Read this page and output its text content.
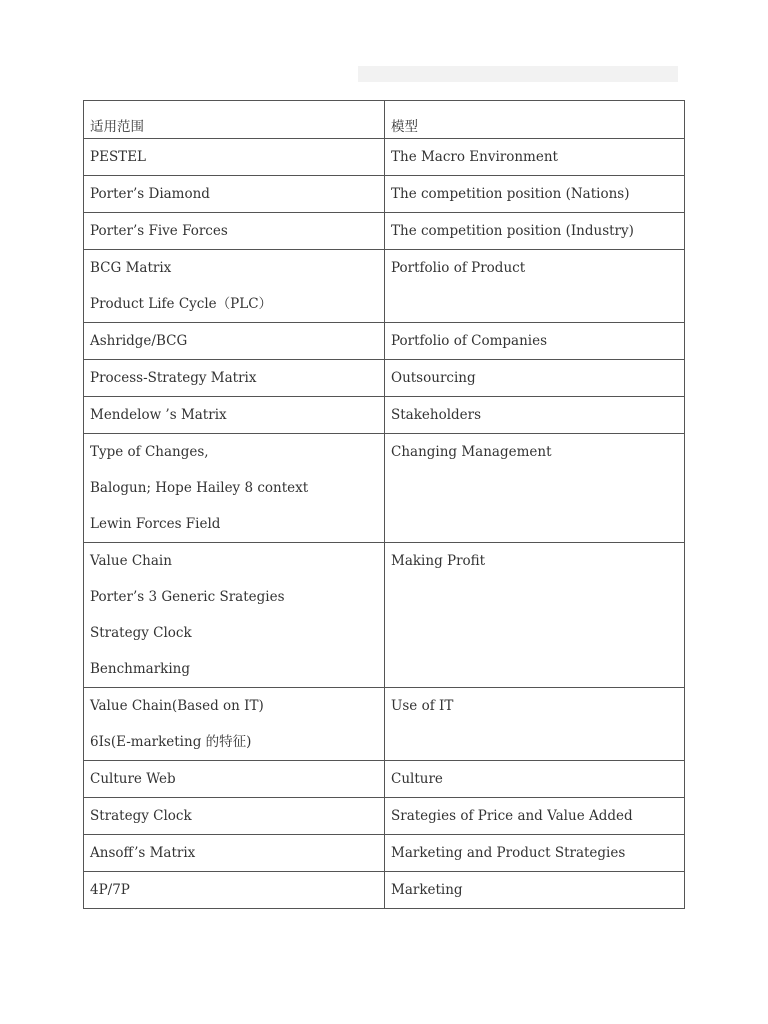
适用范围	模型

PESTEL	The Macro Environment

Porter’s Diamond	The competition position (Nations)

Porter’s Five Forces	The competition position (Industry)

BCG Matrix
Product Life Cycle（PLC）	Portfolio of Product

Ashridge/BCG	Portfolio of Companies

Process-Strategy Matrix	Outsourcing

Mendelow ’s Matrix	Stakeholders

Type of Changes,
Balogun; Hope Hailey 8 context
Lewin Forces Field	Changing Management

Value Chain
Porter’s 3 Generic Srategies
Strategy Clock
Benchmarking	Making Profit

Value Chain(Based on IT)
6Is(E-marketing 的特征)	Use of IT

Culture Web	Culture

Strategy Clock	Srategies of Price and Value Added

Ansoff’s Matrix	Marketing and Product Strategies

4P/7P	Marketing
